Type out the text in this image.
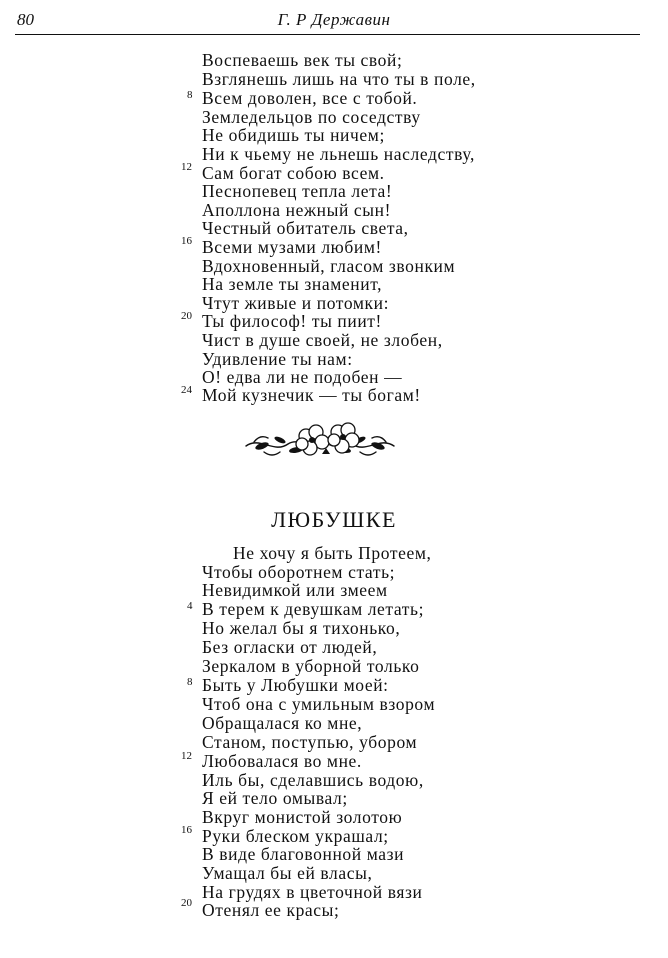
80	Г. Р Державин
Воспеваешь век ты свой;
Взглянешь лишь на что ты в поле,
Всем доволен, все с тобой.
Земледельцов по соседству
Не обидишь ты ничем;
Ни к чьему не льнешь наследству,
Сам богат собою всем.
Песнопевец тепла лета!
Аполлона нежный сын!
Честный обитатель света,
Всеми музами любим!
Вдохновенный, гласом звонким
На земле ты знаменит,
Чтут живые и потомки:
Ты философ! ты пиит!
Чист в душе своей, не злобен,
Удивление ты нам:
О! едва ли не подобен —
Мой кузнечик — ты богам!
8
12
16
20
24
ЛЮБУШКЕ
Не хочу я быть Протеем,
Чтобы оборотнем стать;
Невидимкой или змеем
В терем к девушкам летать;
Но желал бы я тихонько,
Без огласки от людей,
Зеркалом в уборной только
Быть у Любушки моей:
Чтоб она с умильным взором
Обращалася ко мне,
Станом, поступью, убором
Любовалася во мне.
Иль бы, сделавшись водою,
Я ей тело омывал;
Вкруг монистой золотою
Руки блеском украшал;
В виде благовонной мази
Умащал бы ей власы,
На грудях в цветочной вязи
Отенял ее красы;
4
8
12
16
20
